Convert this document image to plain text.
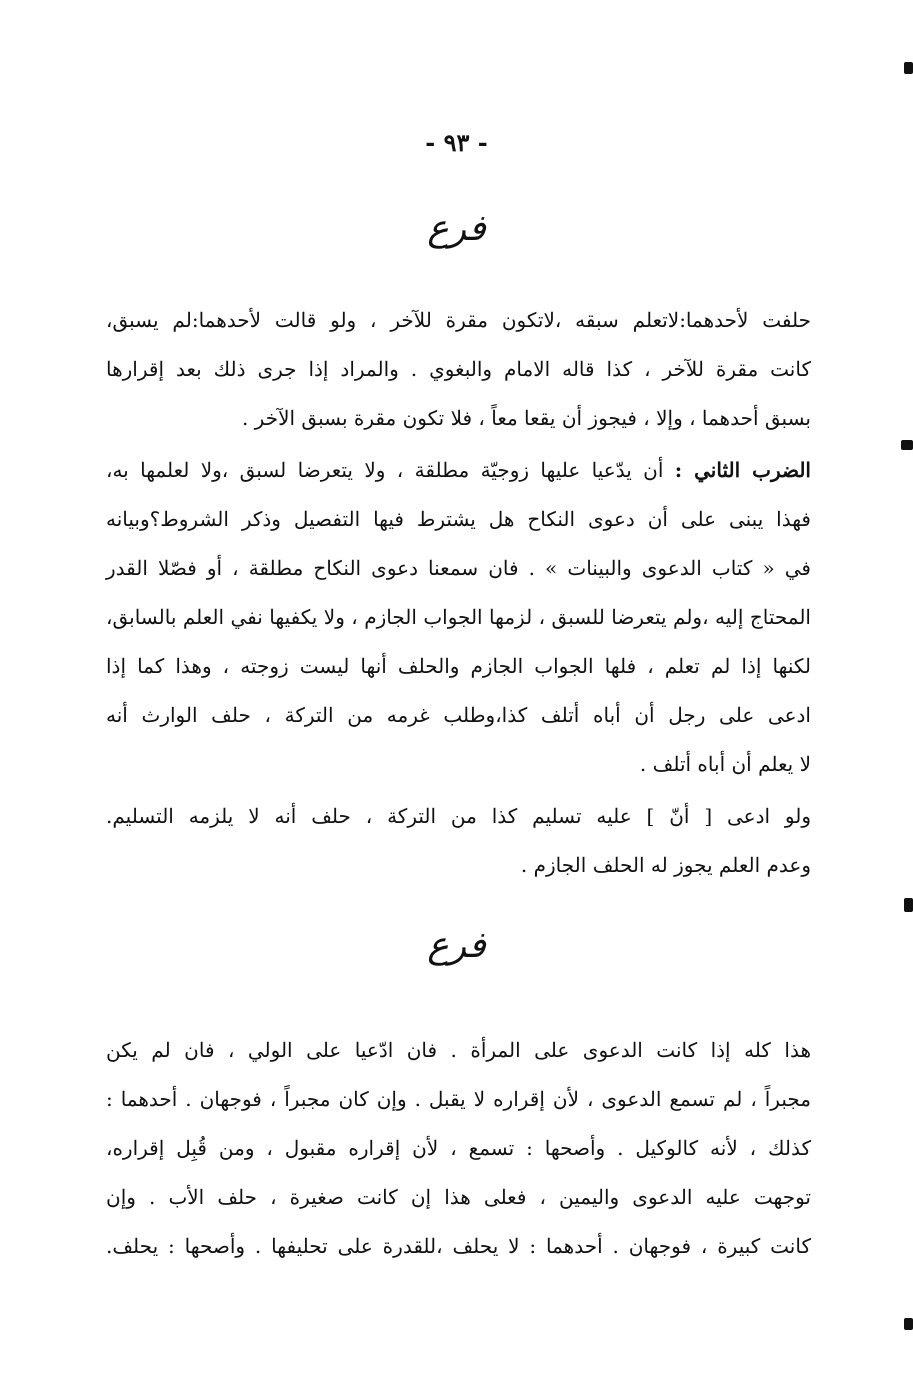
- ٩٣ -
فرع
حلفت لأحدهما:لاتعلم سبقه ،لاتكون مقرة للآخر ، ولو قالت لأحدهما:لم يسبق،
كانت مقرة للآخر ، كذا قاله الامام والبغوي . والمراد إذا جرى ذلك بعد إقرارها
بسبق أحدهما ، وإلا ، فيجوز أن يقعا معاً ، فلا تكون مقرة بسبق الآخر .
الضرب الثاني : أن يدّعيا عليها زوجيّة مطلقة ، ولا يتعرضا لسبق ،ولا لعلمها به،
فهذا يبنى على أن دعوى النكاح هل يشترط فيها التفصيل وذكر الشروط؟وبيانه
في « كتاب الدعوى والبينات » . فان سمعنا دعوى النكاح مطلقة ، أو فصّلا القدر
المحتاج إليه ،ولم يتعرضا للسبق ، لزمها الجواب الجازم ، ولا يكفيها نفي العلم بالسابق،
لكنها إذا لم تعلم ، فلها الجواب الجازم والحلف أنها ليست زوجته ، وهذا كما إذا
ادعى على رجل أن أباه أتلف كذا،وطلب غرمه من التركة ، حلف الوارث أنه
لا يعلم أن أباه أتلف .
ولو ادعى [ أنّ ] عليه تسليم كذا من التركة ، حلف أنه لا يلزمه التسليم.
وعدم العلم يجوز له الحلف الجازم .
فرع
هذا كله إذا كانت الدعوى على المرأة . فان ادّعيا على الولي ، فان لم يكن
مجبراً ، لم تسمع الدعوى ، لأن إقراره لا يقبل . وإن كان مجبراً ، فوجهان . أحدهما :
كذلك ، لأنه كالوكيل . وأصحها : تسمع ، لأن إقراره مقبول ، ومن قُبِل إقراره،
توجهت عليه الدعوى واليمين ، فعلى هذا إن كانت صغيرة ، حلف الأب . وإن
كانت كبيرة ، فوجهان . أحدهما : لا يحلف ،للقدرة على تحليفها . وأصحها : يحلف.
